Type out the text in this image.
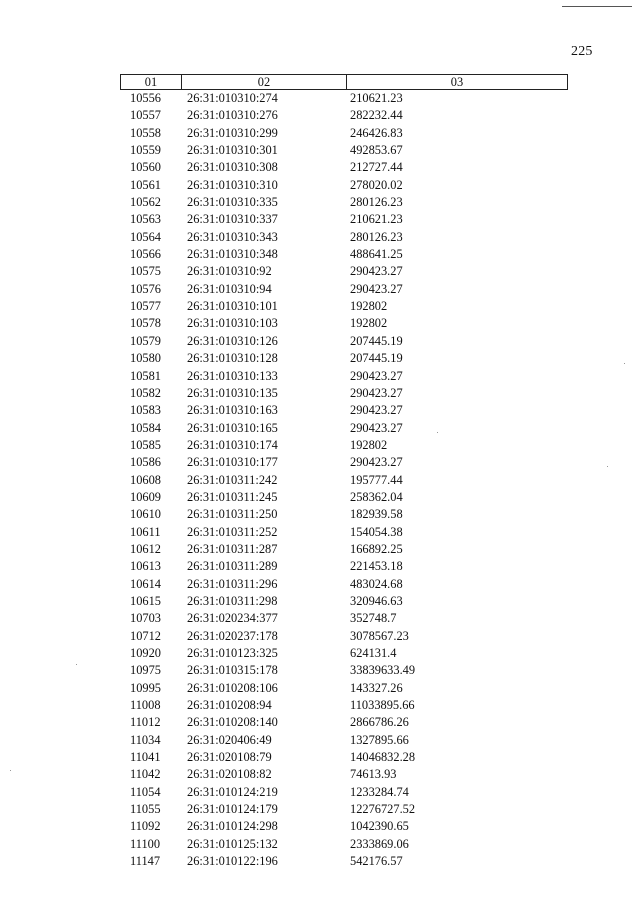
225
01	02	03
10556	26:31:010310:274	210621.23
10557	26:31:010310:276	282232.44
10558	26:31:010310:299	246426.83
10559	26:31:010310:301	492853.67
10560	26:31:010310:308	212727.44
10561	26:31:010310:310	278020.02
10562	26:31:010310:335	280126.23
10563	26:31:010310:337	210621.23
10564	26:31:010310:343	280126.23
10566	26:31:010310:348	488641.25
10575	26:31:010310:92	290423.27
10576	26:31:010310:94	290423.27
10577	26:31:010310:101	192802
10578	26:31:010310:103	192802
10579	26:31:010310:126	207445.19
10580	26:31:010310:128	207445.19
10581	26:31:010310:133	290423.27
10582	26:31:010310:135	290423.27
10583	26:31:010310:163	290423.27
10584	26:31:010310:165	290423.27
10585	26:31:010310:174	192802
10586	26:31:010310:177	290423.27
10608	26:31:010311:242	195777.44
10609	26:31:010311:245	258362.04
10610	26:31:010311:250	182939.58
10611	26:31:010311:252	154054.38
10612	26:31:010311:287	166892.25
10613	26:31:010311:289	221453.18
10614	26:31:010311:296	483024.68
10615	26:31:010311:298	320946.63
10703	26:31:020234:377	352748.7
10712	26:31:020237:178	3078567.23
10920	26:31:010123:325	624131.4
10975	26:31:010315:178	33839633.49
10995	26:31:010208:106	143327.26
11008	26:31:010208:94	11033895.66
11012	26:31:010208:140	2866786.26
11034	26:31:020406:49	1327895.66
11041	26:31:020108:79	14046832.28
11042	26:31:020108:82	74613.93
11054	26:31:010124:219	1233284.74
11055	26:31:010124:179	12276727.52
11092	26:31:010124:298	1042390.65
11100	26:31:010125:132	2333869.06
11147	26:31:010122:196	542176.57
